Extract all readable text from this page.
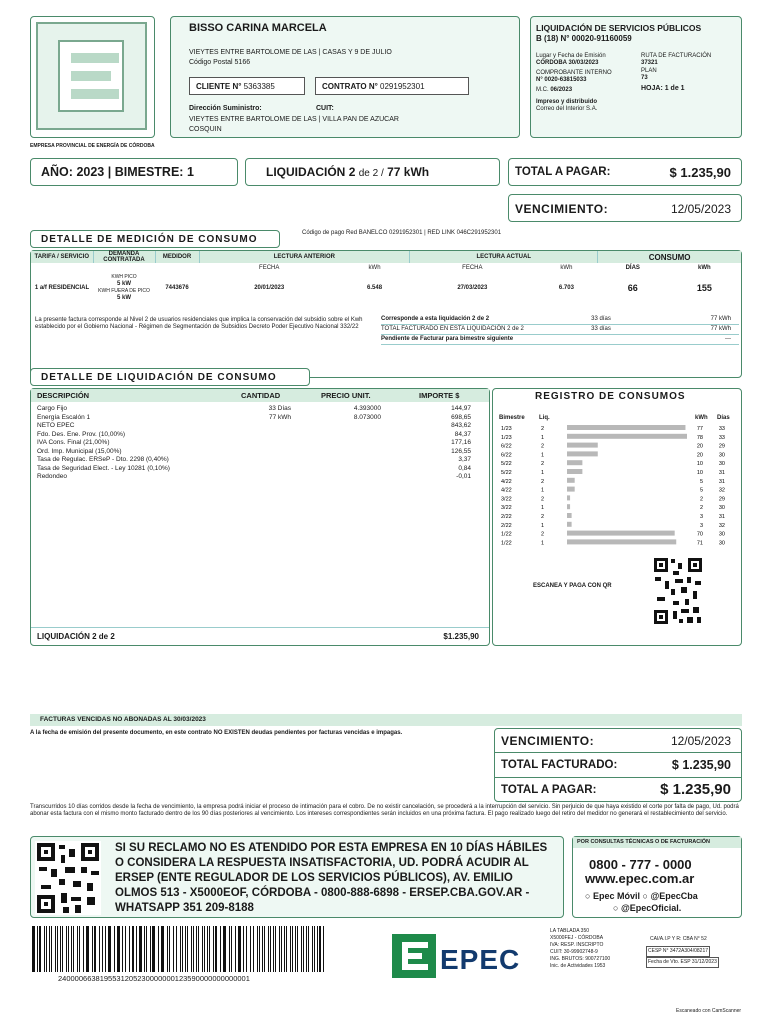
EMPRESA PROVINCIAL DE ENERGÍA DE CÓRDOBA
BISSO CARINA MARCELA
VIEYTES ENTRE BARTOLOME DE LAS | CASAS Y 9 DE JULIO
Código Postal 5166
CLIENTE N° 5363385	CONTRATO N° 0291952301
Dirección Suministro:	CUIT:
VIEYTES ENTRE BARTOLOME DE LAS | VILLA PAN DE AZUCAR
COSQUIN
LIQUIDACIÓN DE SERVICIOS PÚBLICOS
B (18) N° 00020-91160059
Lugar y Fecha de Emisión
CÓRDOBA 30/03/2023
COMPROBANTE INTERNO
N° 0020-63815033
M.C. 06/2023
Impreso y distribuido
Correo del Interior S.A.
RUTA DE FACTURACIÓN
37321
PLAN
73
HOJA: 1 de 1
AÑO: 2023 | BIMESTRE: 1	LIQUIDACIÓN 2 de 2 / 77 kWh	TOTAL A PAGAR:	$ 1.235,90
VENCIMIENTO:	12/05/2023
Código de pago Red BANELCO 0291952301 | RED LINK 046C291952301
DETALLE DE MEDICIÓN DE CONSUMO
TARIFA / SERVICIO	DEMANDA CONTRATADA	MEDIDOR	LECTURA ANTERIOR		LECTURA ACTUAL		CONSUMO	
			FECHA	kWh	FECHA	kWh	DÍAS	kWh
1 a/f RESIDENCIAL	KWH PICO
5 kW
KWH FUERA DE PICO
5 kW	7443676	20/01/2023	6.548	27/03/2023	6.703	66	155
La presente factura corresponde al Nivel 2 de usuarios residenciales que implica la conservación del subsidio sobre el Kwh establecido por el Gobierno Nacional - Régimen de Segmentación de Subsidios Decreto Poder Ejecutivo Nacional 332/22
Corresponde a esta liquidación 2 de 2	33 días	77 kWh
TOTAL FACTURADO EN ESTA LIQUIDACIÓN 2 de 2	33 días	77 kWh
Pendiente de Facturar para bimestre siguiente	---
DETALLE DE LIQUIDACIÓN DE CONSUMO
DESCRIPCIÓN	CANTIDAD	PRECIO UNIT.	IMPORTE $
Cargo Fijo	33 Días	4.393000	144,97
Energía Escalón 1	77 kWh	8.073000	698,65
NETO EPEC	843,62
Fdo. Des. Ene. Prov. (10,00%)	84,37
IVA Cons. Final (21,00%)	177,16
Ord. Imp. Municipal (15,00%)	126,55
Tasa de Regulac. ERSeP - Dto. 2298 (0,40%)	3,37
Tasa de Seguridad Elect. - Ley 10281 (0,10%)	0,84
Redondeo	-0,01
LIQUIDACIÓN 2 de 2	$1.235,90
REGISTRO DE CONSUMOS
Bimestre Liq.	kWh Días
1/23	2	77	33
1/23	1	78	33
6/22	2	20	29
6/22	1	20	30
5/22	2	10	30
5/22	1	10	31
4/22	2	5	31
4/22	1	5	32
3/22	2	2	29
3/22	1	2	30
2/22	2	3	31
2/22	1	3	32
1/22	2	70	30
1/22	1	71	30
ESCANEA Y PAGA CON QR
FACTURAS VENCIDAS NO ABONADAS AL 30/03/2023
A la fecha de emisión del presente documento, en este contrato NO EXISTEN deudas pendientes por facturas vencidas e impagas.
VENCIMIENTO:	12/05/2023
TOTAL FACTURADO:	$ 1.235,90
TOTAL A PAGAR:	$ 1.235,90
Transcurridos 10 días corridos desde la fecha de vencimiento, la empresa podrá iniciar el proceso de intimación para el cobro. De no existir cancelación, se procederá a la interrupción del servicio. Sin perjuicio de que haya existido el corte por falta de pago, Ud. podrá abonar esta factura con el mismo monto facturado dentro de los 90 días posteriores al vencimiento. Los intereses correspondientes serán incluidos en una próxima factura. El pago realizado luego del retiro del medidor no generará el restablecimiento del servicio.
SI SU RECLAMO NO ES ATENDIDO POR ESTA EMPRESA EN 10 DÍAS HÁBILES O CONSIDERA LA RESPUESTA INSATISFACTORIA, UD. PODRÁ ACUDIR AL ERSEP (ENTE REGULADOR DE LOS SERVICIOS PÚBLICOS), AV. EMILIO OLMOS 513 - X5000EOF, CÓRDOBA - 0800-888-6898 - ERSEP.CBA.GOV.AR - WHATSAPP 351 209-8188
POR CONSULTAS TÉCNICAS O DE FACTURACIÓN
0800 - 777 - 0000
www.epec.com.ar
○ Epec Móvil ○ @EpecCba
○ @EpecOficial.
2400006638195531205230000000123590000000000001
EPEC
LA TABLADA 350
X5000FEJ - CÓRDOBA
IVA: RESP. INSCRIPTO
CUIT: 30-99902748-9
ING. BRUTOS: 900727100
Inic. de Actividades 1953
CAI/A.I.P Y R: CBA N° 52
CESP N° 3472A304/08217
Fecha de Vto. ESP 31/12/2023
Escaneado con CamScanner
